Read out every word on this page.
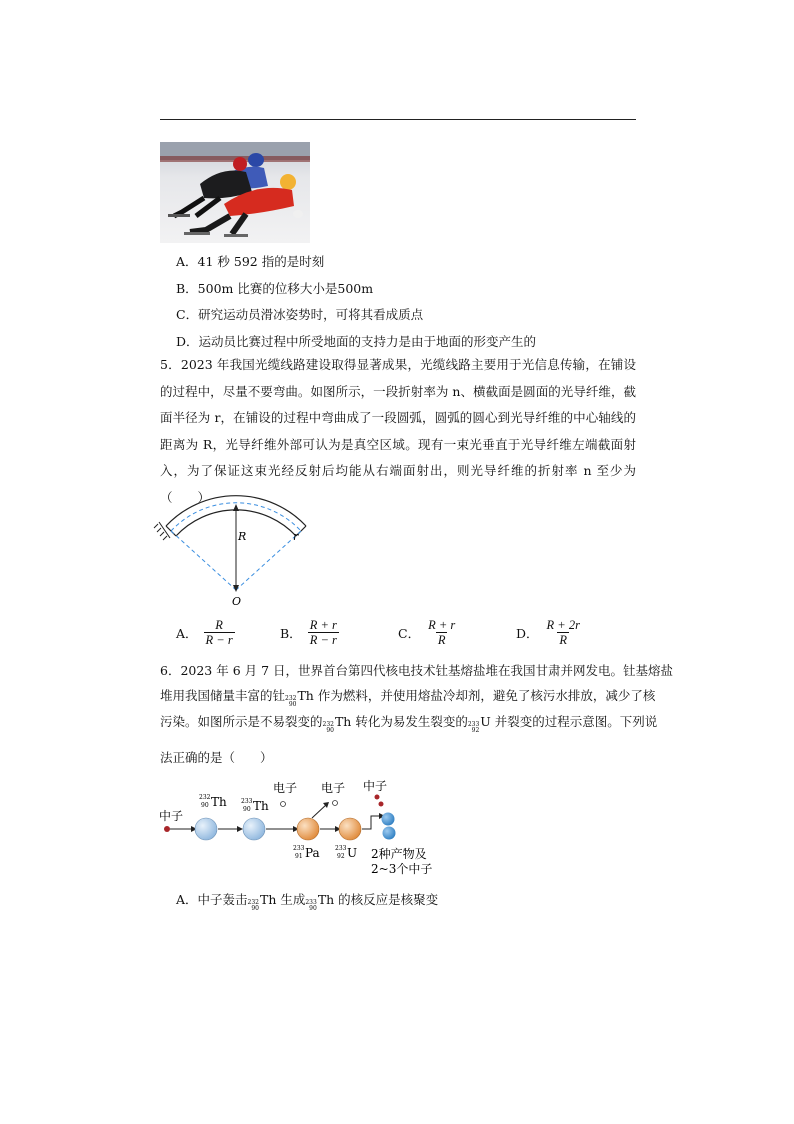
A．41 秒 592 指的是时刻
B．500m 比赛的位移大小是500m
C．研究运动员滑冰姿势时，可将其看成质点
D．运动员比赛过程中所受地面的支持力是由于地面的形变产生的
5．2023 年我国光缆线路建设取得显著成果，光缆线路主要用于光信息传输，在铺设的过程中，尽量不要弯曲。如图所示，一段折射率为 n、横截面是圆面的光导纤维，截面半径为 r，在铺设的过程中弯曲成了一段圆弧，圆弧的圆心到光导纤维的中心轴线的距离为 R，光导纤维外部可认为是真空区域。现有一束光垂直于光导纤维左端截面射入，为了保证这束光经反射后均能从右端面射出，则光导纤维的折射率 n 至少为（　　）
R	r
O
A． $\frac{R}{R - r}$	B． $\frac{R + r}{R - r}$	C． $\frac{R + r}{R}$	D． $\frac{R + 2r}{R}$
6．2023 年 6 月 7 日，世界首台第四代核电技术钍基熔盐堆在我国甘肃并网发电。钍基熔盐
堆用我国储量丰富的钍 232
90
Th 作为燃料，并使用熔盐冷却剂，避免了核污水排放，减少了核
污染。如图所示是不易裂变的 232
90
Th 转化为易发生裂变的 233
92
U 并裂变的过程示意图。下列说
法正确的是（　　）
中子
232
90 Th 233
90 Th
电子
233
91 Pa
电子
233
92 U
中子
2种产物及
2~3个中子
A．中子轰击 232
90
Th 生成 233
90
Th 的核反应是核聚变
